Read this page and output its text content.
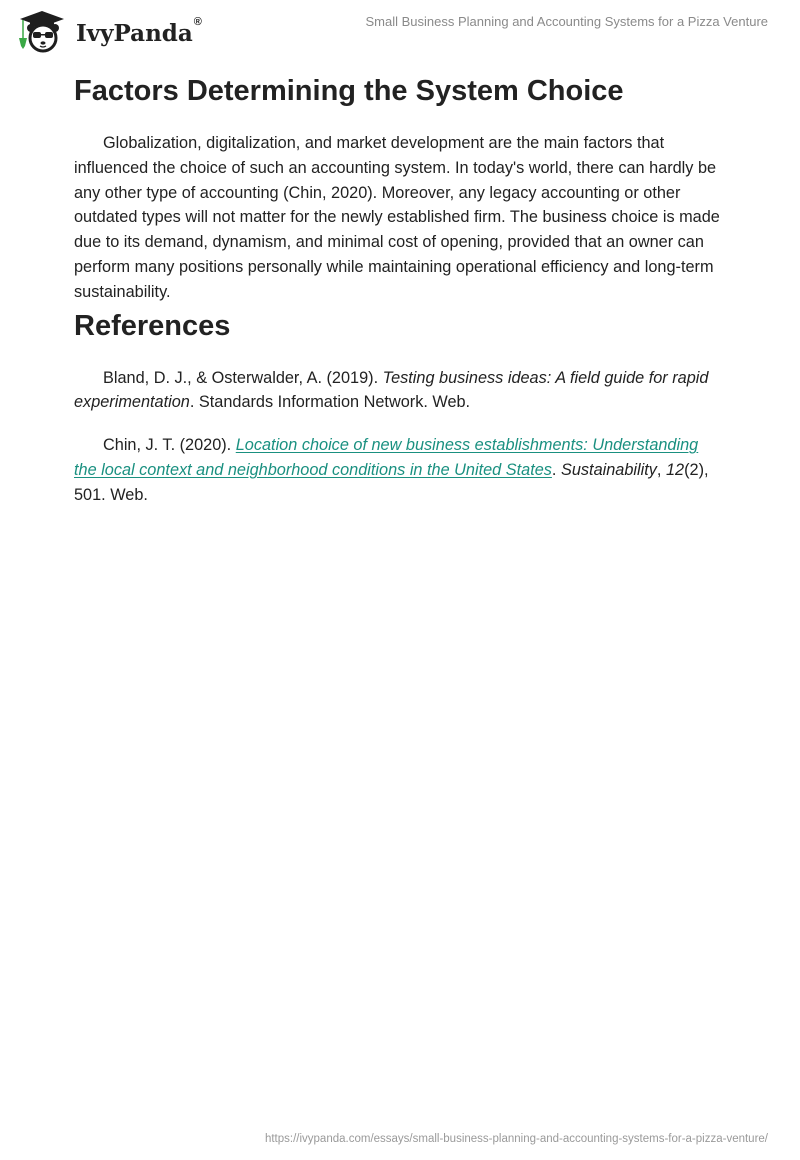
IvyPanda®	Small Business Planning and Accounting Systems for a Pizza Venture
Factors Determining the System Choice

Globalization, digitalization, and market development are the main factors that influenced the choice of such an accounting system. In today's world, there can hardly be any other type of accounting (Chin, 2020). Moreover, any legacy accounting or other outdated types will not matter for the newly established firm. The business choice is made due to its demand, dynamism, and minimal cost of opening, provided that an owner can perform many positions personally while maintaining operational efficiency and long-term sustainability.

References

Bland, D. J., & Osterwalder, A. (2019). Testing business ideas: A field guide for rapid experimentation. Standards Information Network. Web.

Chin, J. T. (2020). Location choice of new business establishments: Understanding the local context and neighborhood conditions in the United States. Sustainability, 12(2), 501. Web.

https://ivypanda.com/essays/small-business-planning-and-accounting-systems-for-a-pizza-venture/
